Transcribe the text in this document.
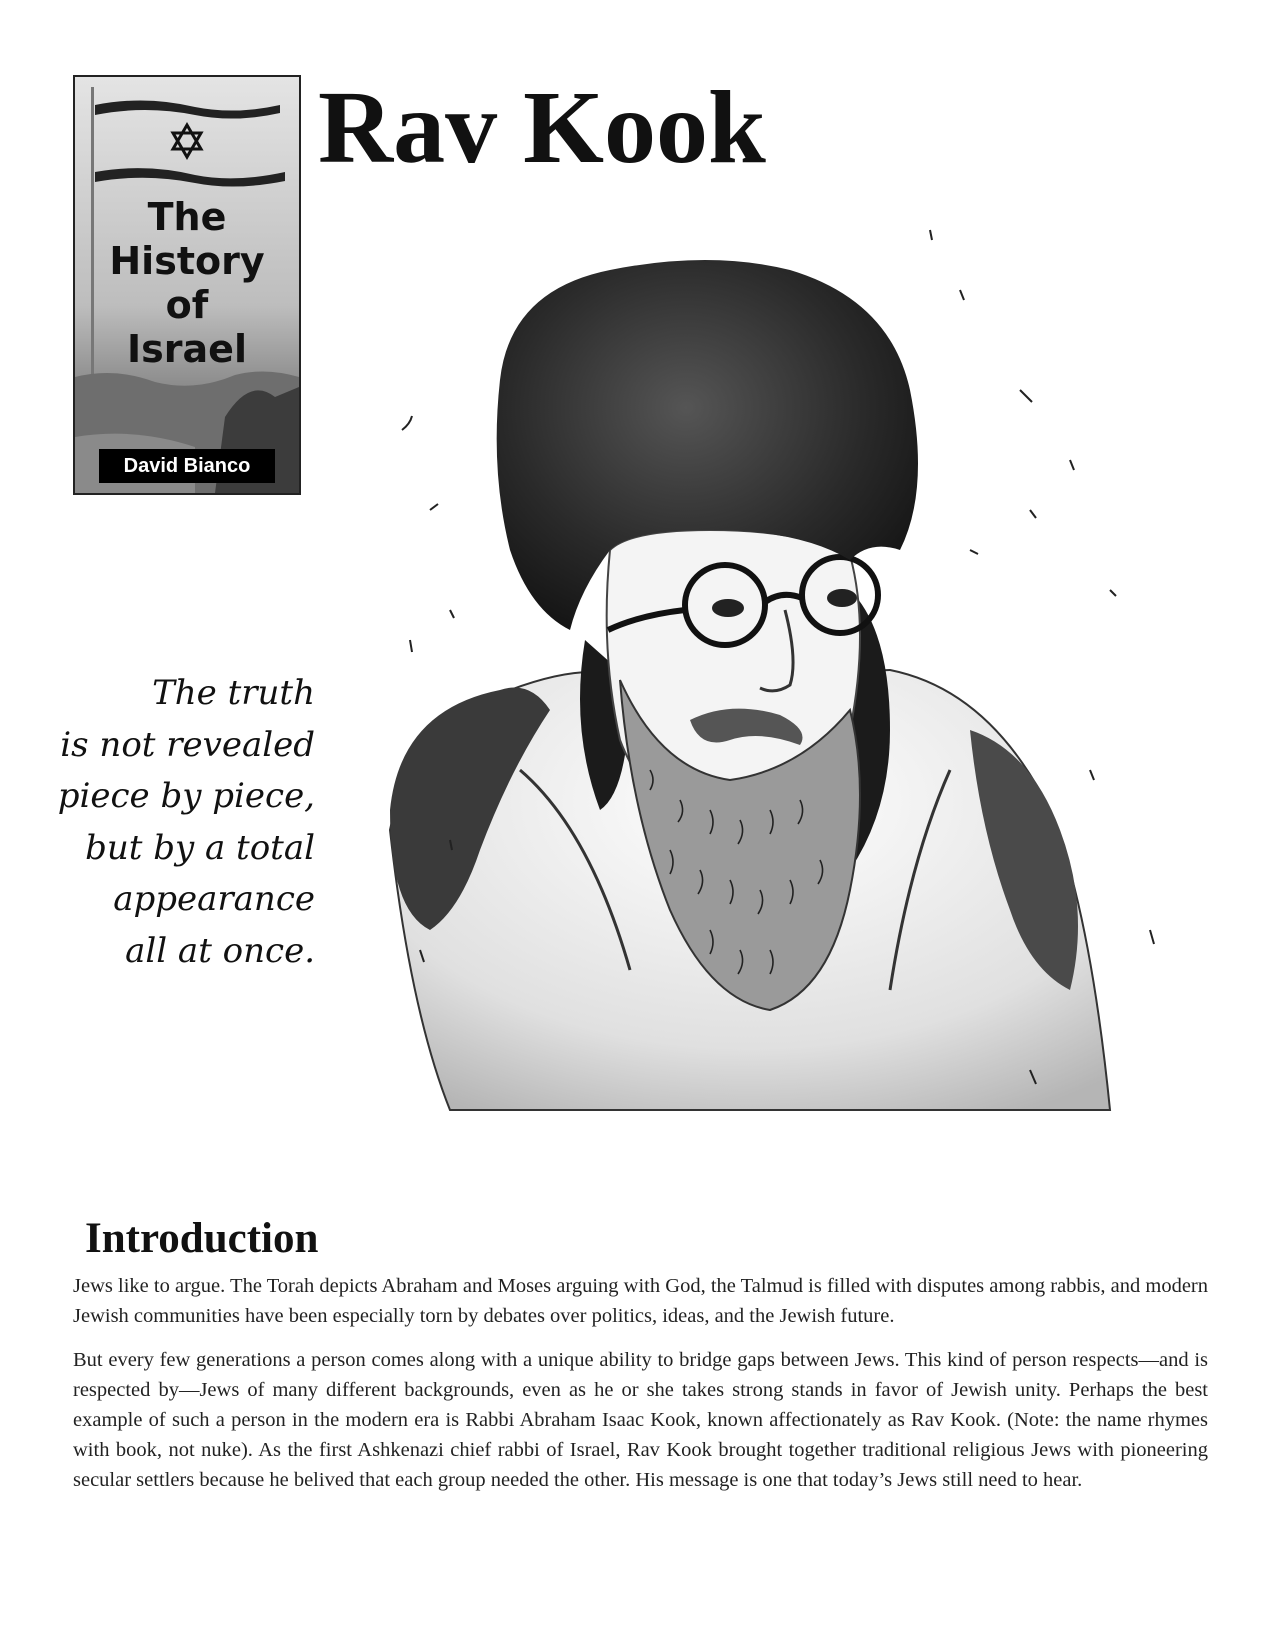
The
History
of
Israel
David Bianco
Rav Kook
The truth
is not revealed
piece by piece,
but by a total
appearance
all at once.
Introduction

Jews like to argue. The Torah depicts Abraham and Moses arguing with God, the Talmud is filled with disputes among rabbis, and modern Jewish communities have been especially torn by debates over politics, ideas, and the Jewish future.

But every few generations a person comes along with a unique ability to bridge gaps between Jews. This kind of person respects—and is respected by—Jews of many different backgrounds, even as he or she takes strong stands in favor of Jewish unity. Perhaps the best example of such a person in the modern era is Rabbi Abraham Isaac Kook, known affectionately as Rav Kook. (Note: the name rhymes with book, not nuke). As the first Ashkenazi chief rabbi of Israel, Rav Kook brought together traditional religious Jews with pioneering secular settlers because he belived that each group needed the other. His message is one that today’s Jews still need to hear.
